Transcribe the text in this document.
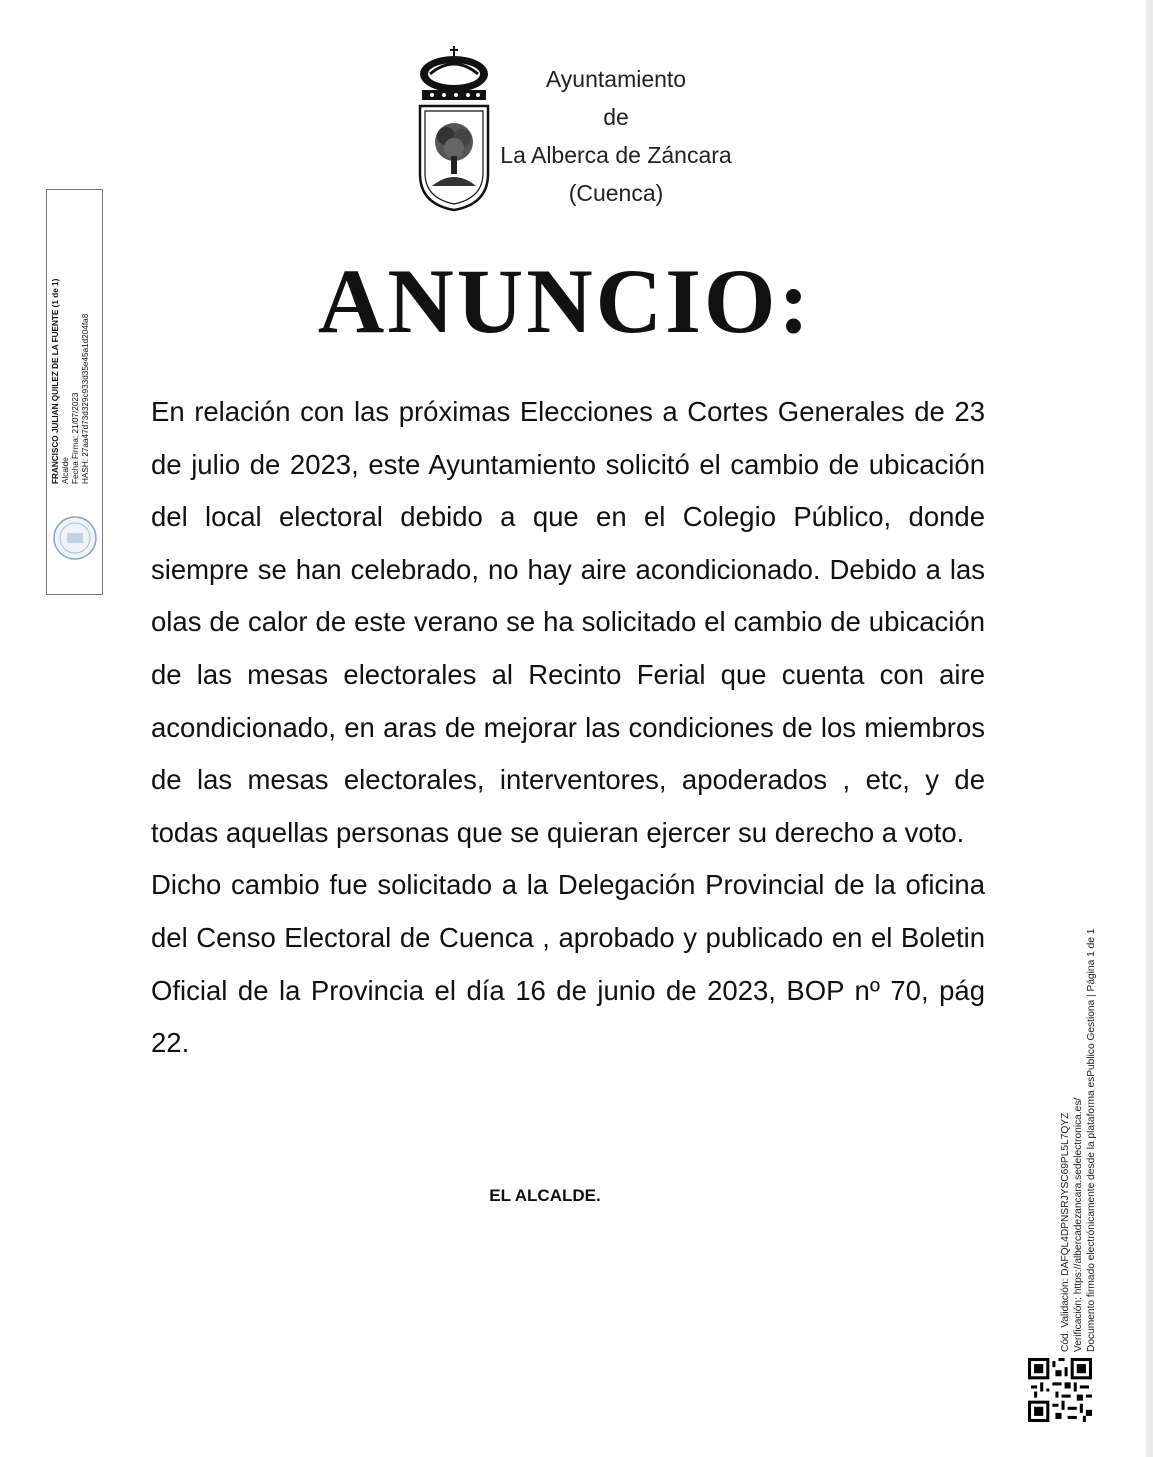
Ayuntamiento
de
La Alberca de Záncara
(Cuenca)
ANUNCIO:

En relación con las próximas Elecciones a Cortes Generales de 23 de julio de 2023, este Ayuntamiento solicitó el cambio de ubicación del local electoral debido a que en el Colegio Público, donde siempre se han celebrado, no hay aire acondicionado. Debido a las olas de calor de este verano se ha solicitado el cambio de ubicación de las mesas electorales al Recinto Ferial que cuenta con aire acondicionado, en aras de mejorar las condiciones de los miembros de las mesas electorales, interventores, apoderados , etc, y de todas aquellas personas que se quieran ejercer su derecho a voto.

Dicho cambio fue solicitado a la Delegación Provincial de la oficina del Censo Electoral de Cuenca , aprobado y publicado en el Boletin Oficial de la Provincia el día 16 de junio de 2023, BOP nº 70, pág 22.

EL ALCALDE.
FRANCISCO JULIAN QUILEZ DE LA FUENTE (1 de 1) Alcalde Fecha Firma: 21/07/2023 HASH: 27aa47d73d329c933d35e45a1d204fa8
Cód. Validación: DAFQL4DPNSRJYSC69PL5L7QYZ Verificación: https://albercadezancara.sedelectronica.es/ Documento firmado electrónicamente desde la plataforma esPublico Gestiona | Página 1 de 1
